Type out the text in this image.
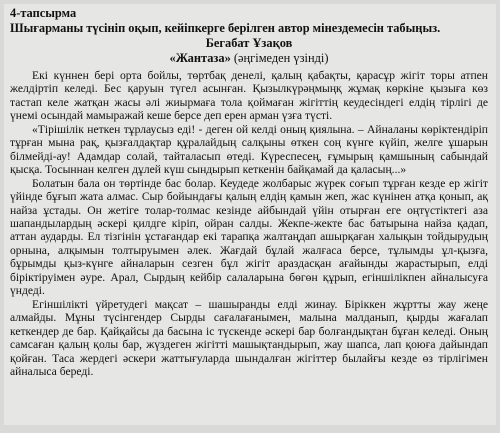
4-тапсырма
Шығарманы түсініп оқып, кейіпкерге берілген автор мінездемесін табыңыз.
Бегабат Ұзақов
«Жантаза» (әңгімеден үзінді)

Екі күннен бері орта бойлы, төртбақ денелі, қалың қабақты, қарасұр жігіт торы атпен желдіртіп келеді. Бес қаруын түгел асынған. Қызылкүрәңмыңқ жұмақ көркіне қызыға көз тастап келе жатқан жасы әлі жиырмаға тола қоймаған жігіттің кеудесіндегі елдің тірлігі де үнемі осындай мамыражай кеше берсе деп ерен арман үзға түсті.

«Тірішілік неткен тұрлаусыз еді! - деген ой келді оның қиялына. – Айналаны көріктендіріп тұрған мына рақ, қызғалдақтар құралайдың салқыны өткен соң күнге күйіп, желге ұшарын білмейді-ау! Адамдар солай, тайталасып өтеді. Күреспесең, ғұмырың қамшының сабындай қысқа. Тосыннан келген дұлей күш сындырып кеткенін байқамай да қаласың...»

Болатын бала он төртінде бас болар. Кеудеде жолбарыс жүрек соғып тұрған кезде ер жігіт үйінде бұғып жата алмас. Сыр бойындағы қалың елдің қамын жеп, жас күнінен атқа қонып, ақ найза ұстады. Он жетіге толар-толмас кезінде айбындай үйін отырған еге оңтүстіктегі аза шапандылардың әскері қилдге кіріп, ойран салды. Жекпе-жекте бас батырына найза қадап, аттан аударды. Ел тізгінін ұстағандар екі тарапқа жалтаңдап ашырқаған халықын тойдырудың орнына, алқымын толтыруымен әлек. Жағдай бұлай жалғаса берсе, тұлымды ұл-қызға, бұрымды қыз-күнге айналарын сезген бұл жігіт араздасқан ағайынды жарастырып, елді біріктіруімен әуре. Арал, Сырдың кейбір салаларына бөгөн құрып, егіншілікпен айналысуға үндеді.

Егіншілікті үйретудегі мақсат – шашыранды елді жинау. Біріккен жұртты жау жеңе алмайды. Мұны түсінгендер Сырды сағалағанымен, малына малданып, қырды жағалап кеткендер де бар. Қайқайсы да басына іс түскенде әскері бар болғандықтан бұған келеді. Оның самсаған қалың қолы бар, жүздеген жігітті машықтандырып, жау шапса, лап қоюға дайындап қойған. Таса жердегі әскери жаттығуларда шындалған жігіттер былайғы кезде өз тірлігімен айналыса береді.
